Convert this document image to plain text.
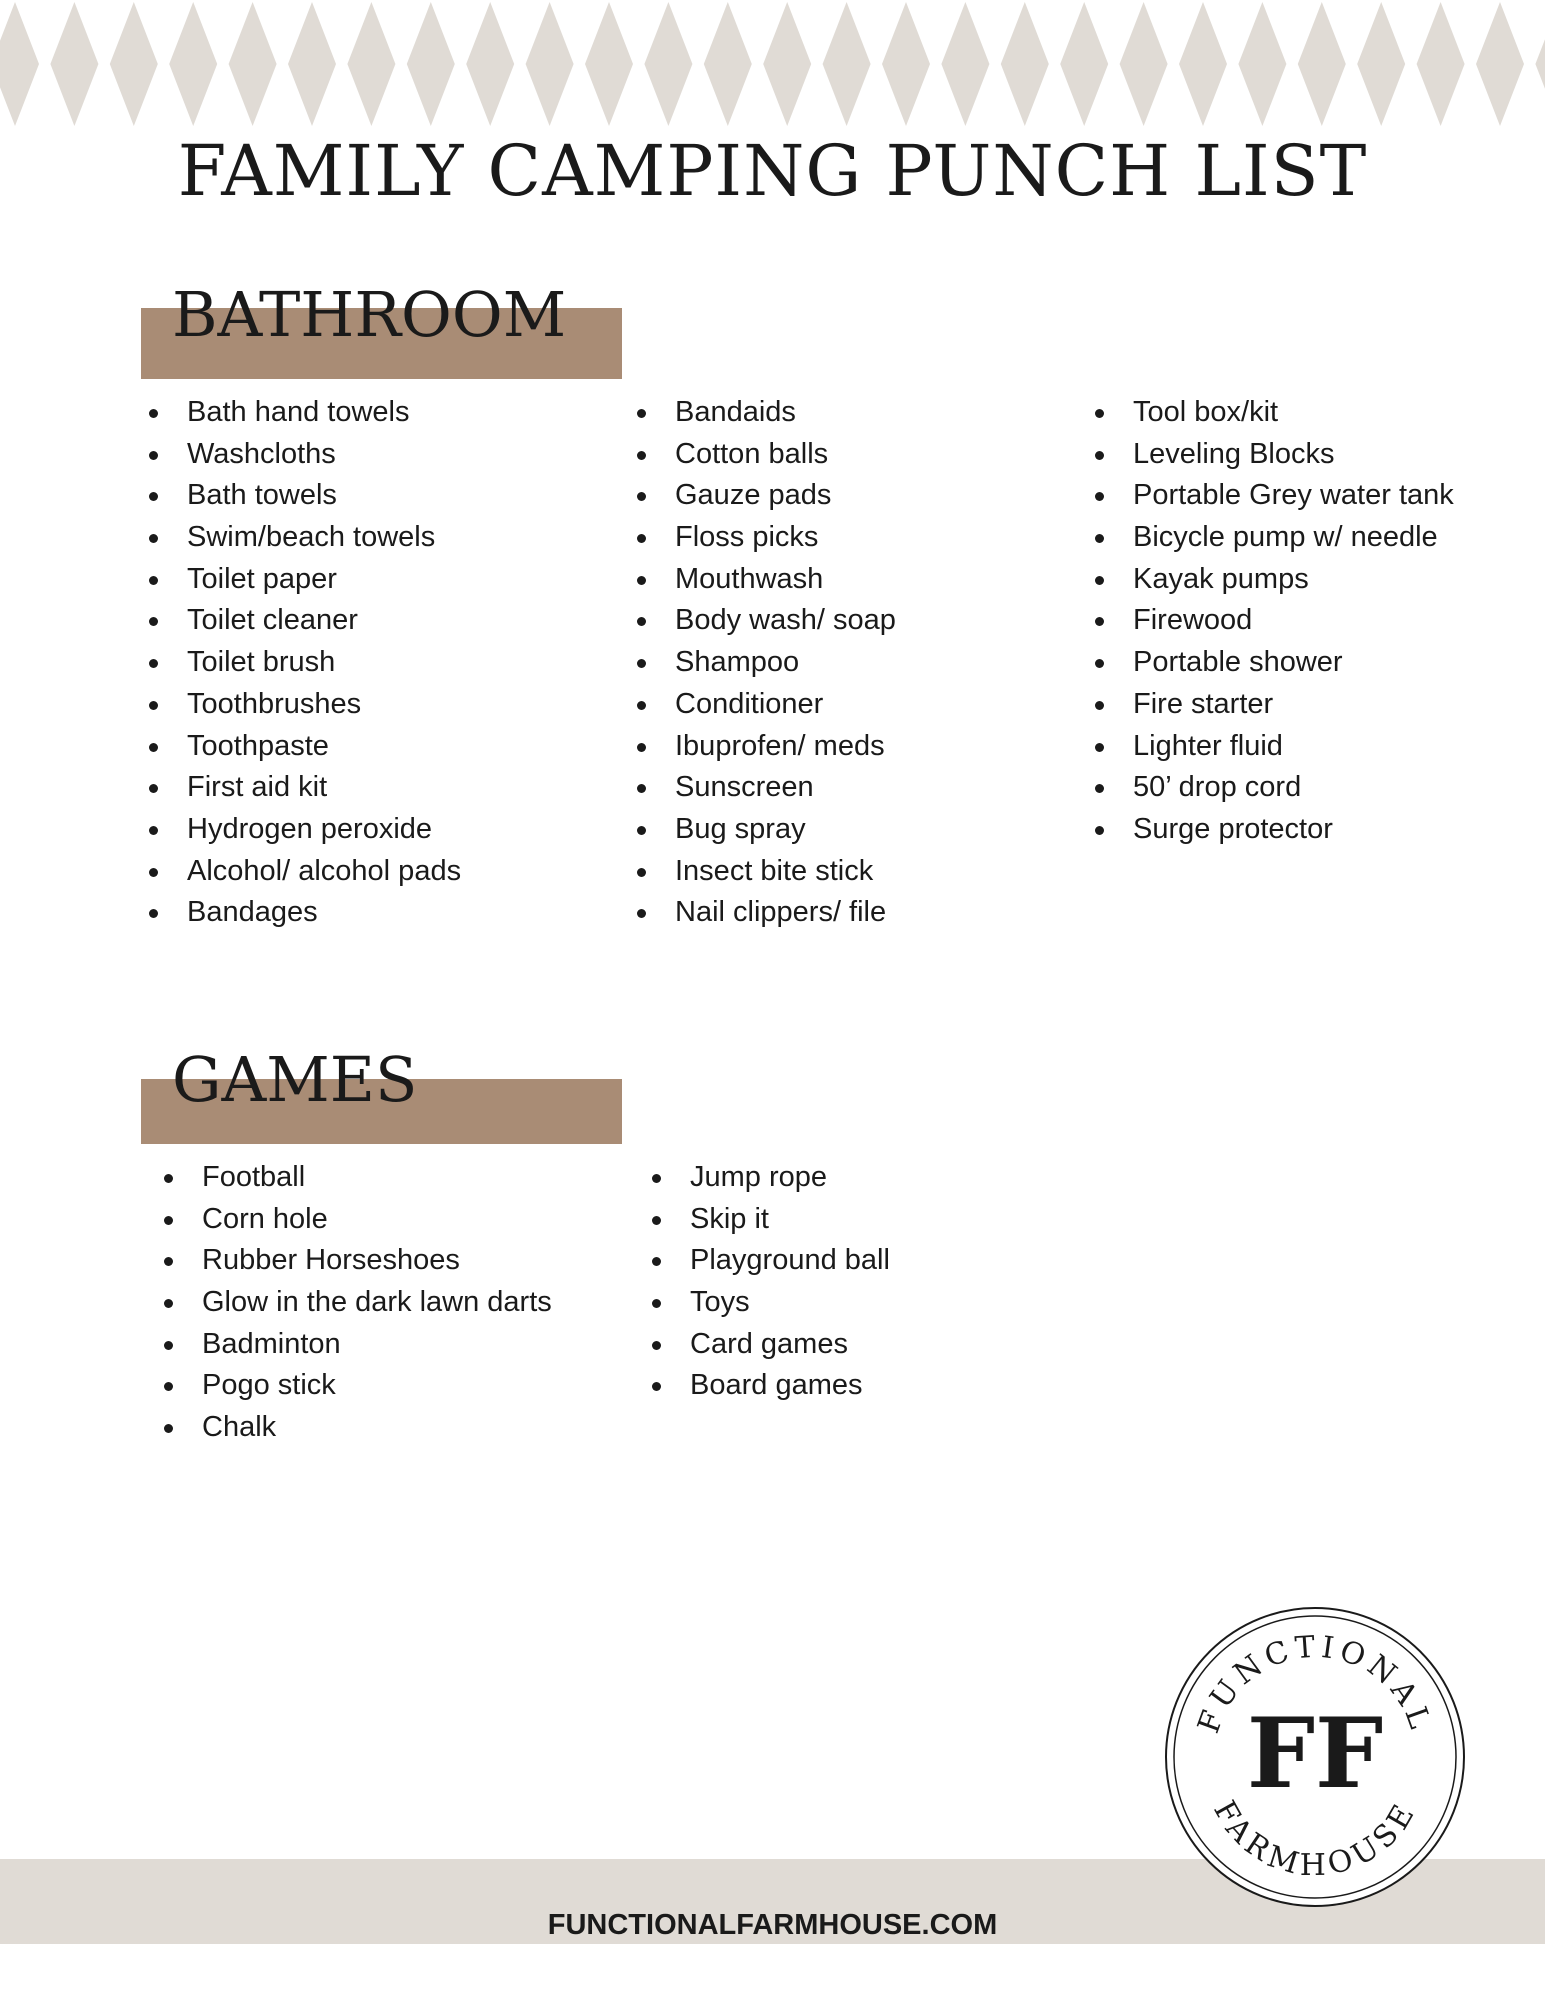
FAMILY CAMPING PUNCH LIST
BATHROOM
Bath hand towels
Washcloths
Bath towels
Swim/beach towels
Toilet paper
Toilet cleaner
Toilet brush
Toothbrushes
Toothpaste
First aid kit
Hydrogen peroxide
Alcohol/ alcohol pads
Bandages
Bandaids
Cotton balls
Gauze pads
Floss picks
Mouthwash
Body wash/ soap
Shampoo
Conditioner
Ibuprofen/ meds
Sunscreen
Bug spray
Insect bite stick
Nail clippers/ file
Tool box/kit
Leveling Blocks
Portable Grey water tank
Bicycle pump w/ needle
Kayak pumps
Firewood
Portable shower
Fire starter
Lighter fluid
50’ drop cord
Surge protector
GAMES
Football
Corn hole
Rubber Horseshoes
Glow in the dark lawn darts
Badminton
Pogo stick
Chalk
Jump rope
Skip it
Playground ball
Toys
Card games
Board games
FUNCTIONALFARMHOUSE.COM
FUNCTIONAL
FF
FARMHOUSE
